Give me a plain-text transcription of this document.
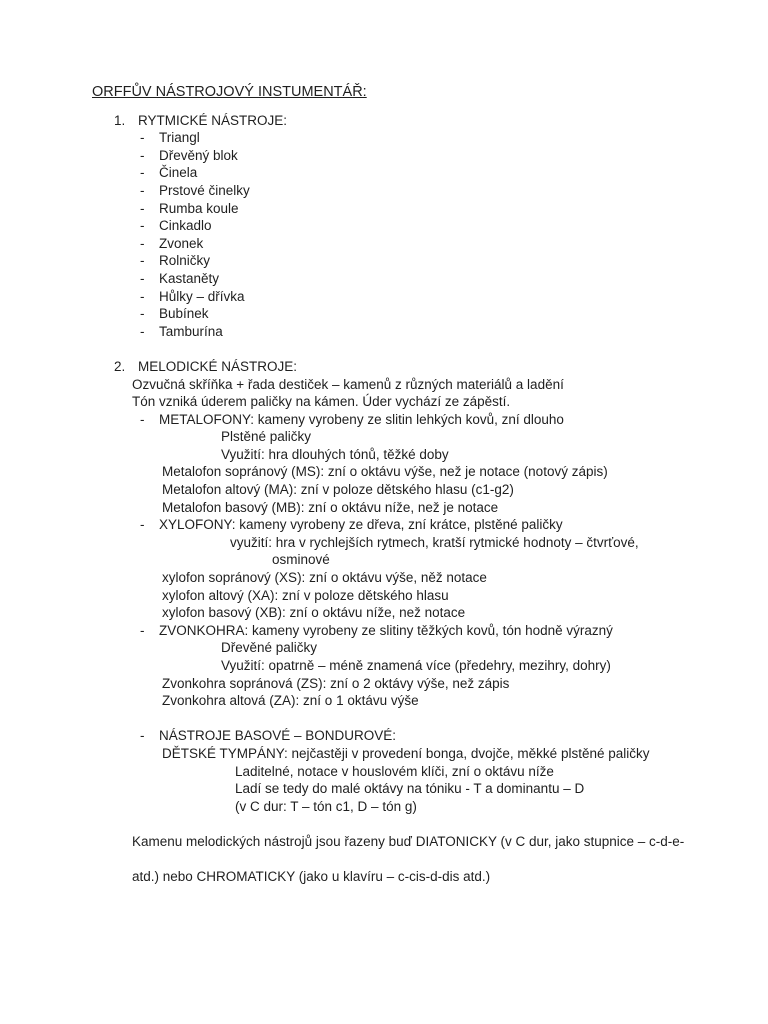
ORFFŮV NÁSTROJOVÝ INSTUMENTÁŘ:
1. RYTMICKÉ NÁSTROJE:
-	Triangl
-	Dřevěný blok
-	Činela
-	Prstové činelky
-	Rumba koule
-	Cinkadlo
-	Zvonek
-	Rolničky
-	Kastaněty
-	Hůlky – dřívka
-	Bubínek
-	Tamburína
2. MELODICKÉ NÁSTROJE:
Ozvučná skříňka + řada destiček – kamenů z různých materiálů a ladění
Tón vzniká úderem paličky na kámen. Úder vychází ze zápěstí.
-	METALOFONY: kameny vyrobeny ze slitin lehkých kovů, zní dlouho
Plstěné paličky
Využití: hra dlouhých tónů, těžké doby
Metalofon sopránový (MS): zní o oktávu výše, než je notace (notový zápis)
Metalofon altový (MA): zní v poloze dětského hlasu (c1-g2)
Metalofon basový (MB): zní o oktávu níže, než je notace
-	XYLOFONY: kameny vyrobeny ze dřeva, zní krátce, plstěné paličky
využití: hra v rychlejších rytmech, kratší rytmické hodnoty – čtvrťové,
osminové
xylofon sopránový (XS): zní o oktávu výše, něž notace
xylofon altový (XA): zní v poloze dětského hlasu
xylofon basový (XB): zní o oktávu níže, než notace
-	ZVONKOHRA: kameny vyrobeny ze slitiny těžkých kovů, tón hodně výrazný
Dřevěné paličky
Využití: opatrně – méně znamená více (předehry, mezihry, dohry)
Zvonkohra sopránová (ZS): zní o 2 oktávy výše, než zápis
Zvonkohra altová (ZA): zní o 1 oktávu výše
-	NÁSTROJE BASOVÉ – BONDUROVÉ:
DĚTSKÉ TYMPÁNY: nejčastěji v provedení bonga, dvojče, měkké plstěné paličky
Laditelné, notace v houslovém klíči, zní o oktávu níže
Ladí se tedy do malé oktávy na tóniku - T a dominantu – D
(v C dur: T – tón c1, D – tón g)
Kamenu melodických nástrojů jsou řazeny buď DIATONICKY (v C dur, jako stupnice – c-d-e-
atd.) nebo CHROMATICKY (jako u klavíru – c-cis-d-dis atd.)
